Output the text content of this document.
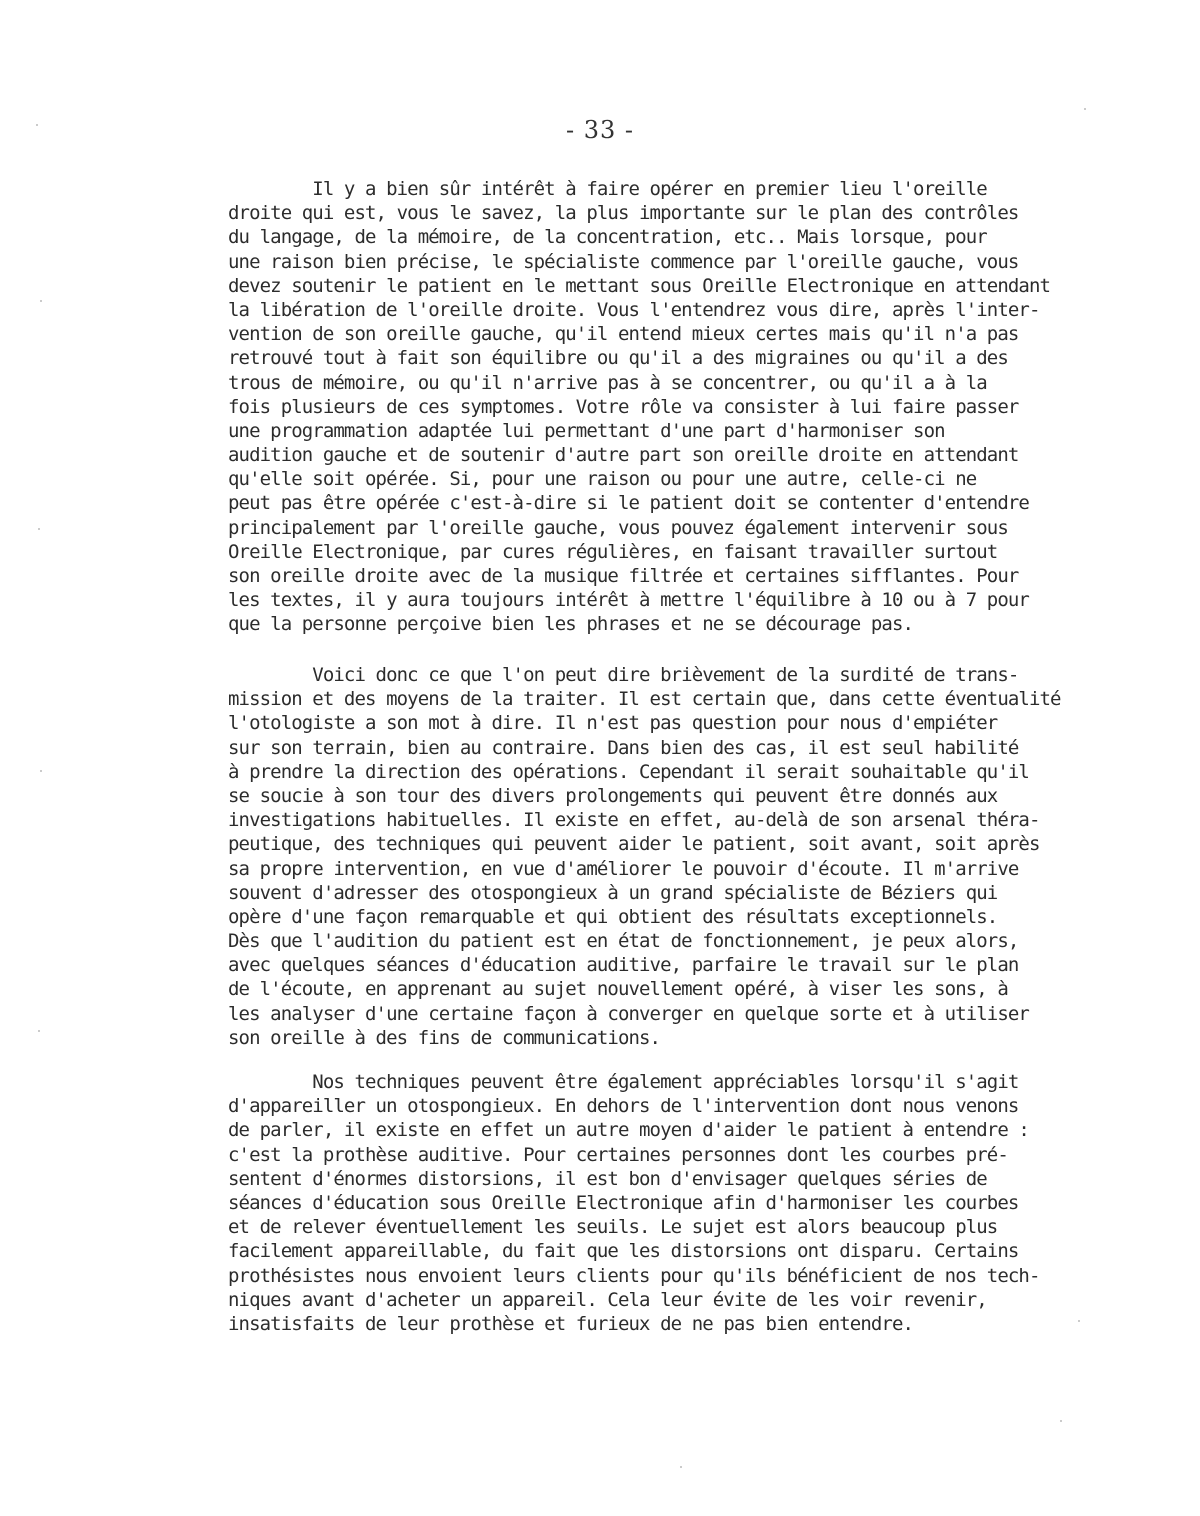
- 33 -
Il y a bien sûr intérêt à faire opérer en premier lieu l'oreille
droite qui est, vous le savez, la plus importante sur le plan des contrôles
du langage, de la mémoire, de la concentration, etc.. Mais lorsque, pour
une raison bien précise, le spécialiste commence par l'oreille gauche, vous
devez soutenir le patient en le mettant sous Oreille Electronique en attendant
la libération de l'oreille droite. Vous l'entendrez vous dire, après l'inter-
vention de son oreille gauche, qu'il entend mieux certes mais qu'il n'a pas
retrouvé tout à fait son équilibre ou qu'il a des migraines ou qu'il a des
trous de mémoire, ou qu'il n'arrive pas à se concentrer, ou qu'il a à la
fois plusieurs de ces symptomes. Votre rôle va consister à lui faire passer
une programmation adaptée lui permettant d'une part d'harmoniser son
audition gauche et de soutenir d'autre part son oreille droite en attendant
qu'elle soit opérée. Si, pour une raison ou pour une autre, celle-ci ne
peut pas être opérée c'est-à-dire si le patient doit se contenter d'entendre
principalement par l'oreille gauche, vous pouvez également intervenir sous
Oreille Electronique, par cures régulières, en faisant travailler surtout
son oreille droite avec de la musique filtrée et certaines sifflantes. Pour
les textes, il y aura toujours intérêt à mettre l'équilibre à 10 ou à 7 pour
que la personne perçoive bien les phrases et ne se décourage pas.
Voici donc ce que l'on peut dire brièvement de la surdité de trans-
mission et des moyens de la traiter. Il est certain que, dans cette éventualité
l'otologiste a son mot à dire. Il n'est pas question pour nous d'empiéter
sur son terrain, bien au contraire. Dans bien des cas, il est seul habilité
à prendre la direction des opérations. Cependant il serait souhaitable qu'il
se soucie à son tour des divers prolongements qui peuvent être donnés aux
investigations habituelles. Il existe en effet, au-delà de son arsenal théra-
peutique, des techniques qui peuvent aider le patient, soit avant, soit après
sa propre intervention, en vue d'améliorer le pouvoir d'écoute. Il m'arrive
souvent d'adresser des otospongieux à un grand spécialiste de Béziers qui
opère d'une façon remarquable et qui obtient des résultats exceptionnels.
Dès que l'audition du patient est en état de fonctionnement, je peux alors,
avec quelques séances d'éducation auditive, parfaire le travail sur le plan
de l'écoute, en apprenant au sujet nouvellement opéré, à viser les sons, à
les analyser d'une certaine façon à converger en quelque sorte et à utiliser
son oreille à des fins de communications.
Nos techniques peuvent être également appréciables lorsqu'il s'agit
d'appareiller un otospongieux. En dehors de l'intervention dont nous venons
de parler, il existe en effet un autre moyen d'aider le patient à entendre :
c'est la prothèse auditive. Pour certaines personnes dont les courbes pré-
sentent d'énormes distorsions, il est bon d'envisager quelques séries de
séances d'éducation sous Oreille Electronique afin d'harmoniser les courbes
et de relever éventuellement les seuils. Le sujet est alors beaucoup plus
facilement appareillable, du fait que les distorsions ont disparu. Certains
prothésistes nous envoient leurs clients pour qu'ils bénéficient de nos tech-
niques avant d'acheter un appareil. Cela leur évite de les voir revenir,
insatisfaits de leur prothèse et furieux de ne pas bien entendre.
